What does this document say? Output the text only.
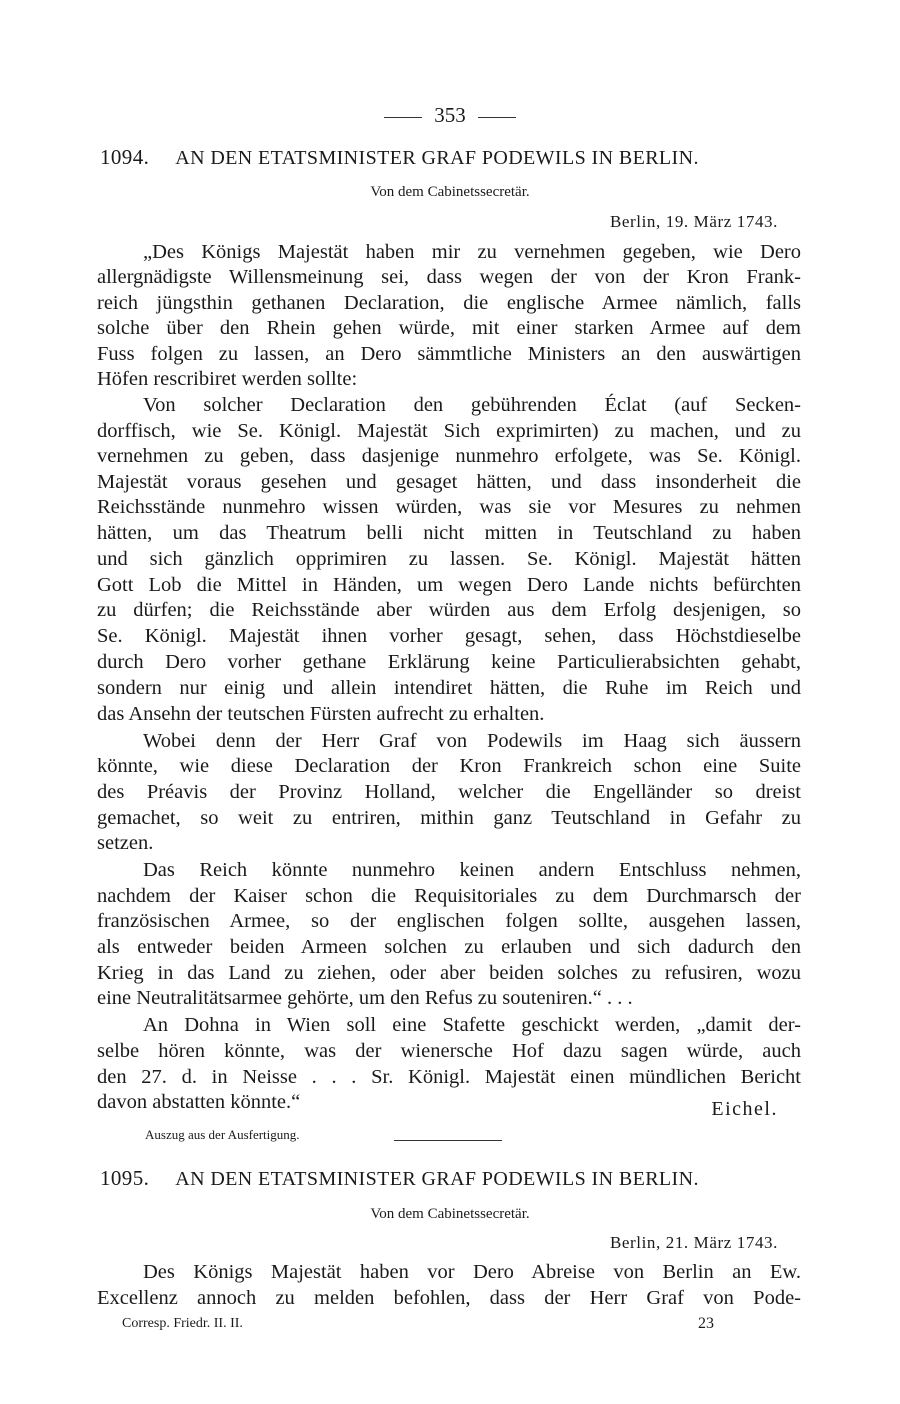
353
1094. AN DEN ETATSMINISTER GRAF PODEWILS IN BERLIN.
Von dem Cabinetssecretär.
Berlin, 19. März 1743.
„Des Königs Majestät haben mir zu vernehmen gegeben, wie Dero
allergnädigste Willensmeinung sei, dass wegen der von der Kron Frank-
reich jüngsthin gethanen Declaration, die englische Armee nämlich, falls
solche über den Rhein gehen würde, mit einer starken Armee auf dem
Fuss folgen zu lassen, an Dero sämmtliche Ministers an den auswärtigen
Höfen rescribiret werden sollte:
Von solcher Declaration den gebührenden Éclat (auf Secken-
dorffisch, wie Se. Königl. Majestät Sich exprimirten) zu machen, und zu
vernehmen zu geben, dass dasjenige nunmehro erfolgete, was Se. Königl.
Majestät voraus gesehen und gesaget hätten, und dass insonderheit die
Reichsstände nunmehro wissen würden, was sie vor Mesures zu nehmen
hätten, um das Theatrum belli nicht mitten in Teutschland zu haben
und sich gänzlich opprimiren zu lassen. Se. Königl. Majestät hätten
Gott Lob die Mittel in Händen, um wegen Dero Lande nichts befürchten
zu dürfen; die Reichsstände aber würden aus dem Erfolg desjenigen, so
Se. Königl. Majestät ihnen vorher gesagt, sehen, dass Höchstdieselbe
durch Dero vorher gethane Erklärung keine Particulierabsichten gehabt,
sondern nur einig und allein intendiret hätten, die Ruhe im Reich und
das Ansehn der teutschen Fürsten aufrecht zu erhalten.
Wobei denn der Herr Graf von Podewils im Haag sich äussern
könnte, wie diese Declaration der Kron Frankreich schon eine Suite
des Préavis der Provinz Holland, welcher die Engelländer so dreist
gemachet, so weit zu entriren, mithin ganz Teutschland in Gefahr zu
setzen.
Das Reich könnte nunmehro keinen andern Entschluss nehmen,
nachdem der Kaiser schon die Requisitoriales zu dem Durchmarsch der
französischen Armee, so der englischen folgen sollte, ausgehen lassen,
als entweder beiden Armeen solchen zu erlauben und sich dadurch den
Krieg in das Land zu ziehen, oder aber beiden solches zu refusiren, wozu
eine Neutralitätsarmee gehörte, um den Refus zu souteniren.“ . . .
An Dohna in Wien soll eine Stafette geschickt werden, „damit der-
selbe hören könnte, was der wienersche Hof dazu sagen würde, auch
den 27. d. in Neisse . . . Sr. Königl. Majestät einen mündlichen Bericht
davon abstatten könnte.“	Eichel.
Auszug aus der Ausfertigung.
1095. AN DEN ETATSMINISTER GRAF PODEWILS IN BERLIN.
Von dem Cabinetssecretär.
Berlin, 21. März 1743.
Des Königs Majestät haben vor Dero Abreise von Berlin an Ew.
Excellenz annoch zu melden befohlen, dass der Herr Graf von Pode-
Corresp. Friedr. II. II.	23
